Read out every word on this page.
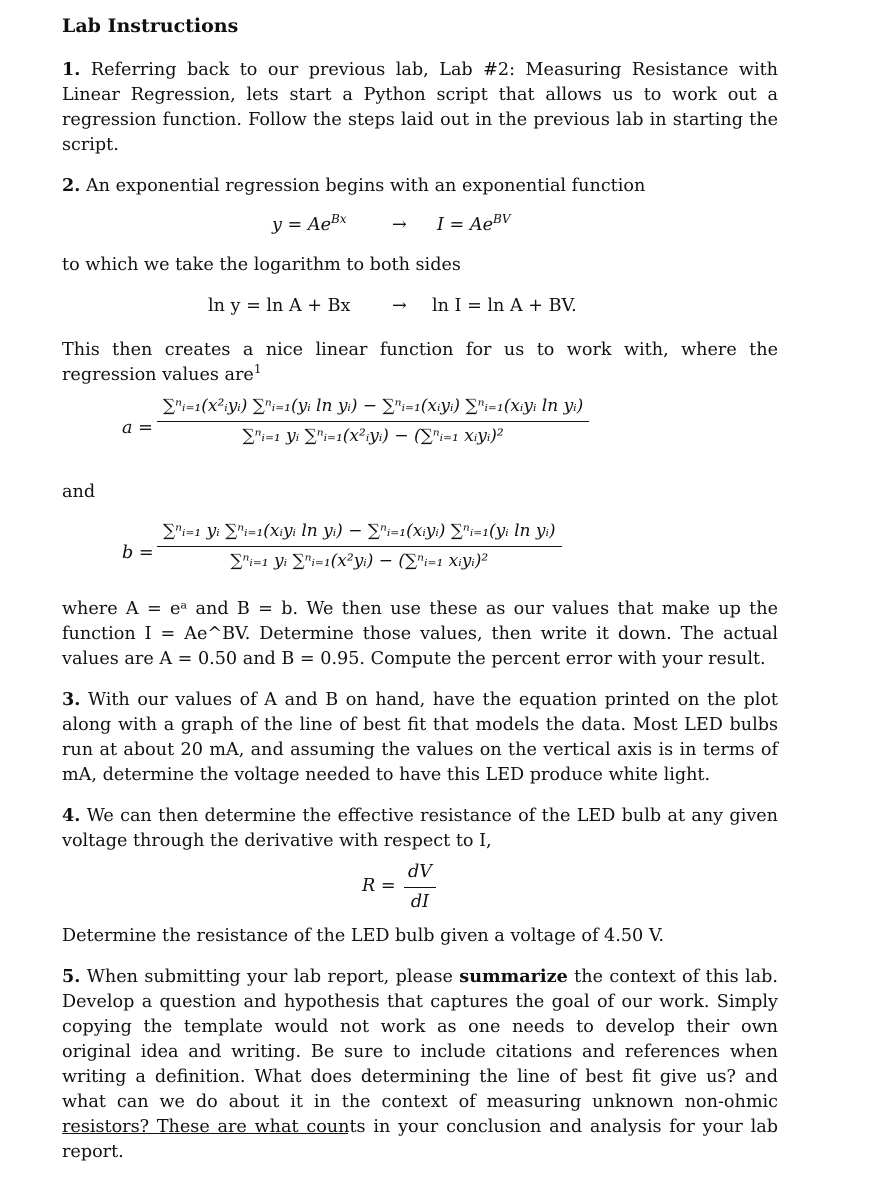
Lab Instructions

1. Referring back to our previous lab, Lab #2: Measuring Resistance with Linear Regression, lets start a Python script that allows us to work out a regression function. Follow the steps laid out in the previous lab in starting the script.

2. An exponential regression begins with an exponential function

$y = Ae^{Bx}$	→ $I = Ae^{BV}$

to which we take the logarithm to both sides

ln y = ln A + Bx → ln I = ln A + BV.

This then creates a nice linear function for us to work with, where the regression values are$^1$

a =
∑ⁿᵢ₌₁(x²ᵢyᵢ) ∑ⁿᵢ₌₁(yᵢ ln yᵢ) − ∑ⁿᵢ₌₁(xᵢyᵢ) ∑ⁿᵢ₌₁(xᵢyᵢ ln yᵢ)
∑ⁿᵢ₌₁ yᵢ ∑ⁿᵢ₌₁(x²ᵢyᵢ) − (∑ⁿᵢ₌₁ xᵢyᵢ)²

and

b =
∑ⁿᵢ₌₁ yᵢ ∑ⁿᵢ₌₁(xᵢyᵢ ln yᵢ) − ∑ⁿᵢ₌₁(xᵢyᵢ) ∑ⁿᵢ₌₁(yᵢ ln yᵢ)
∑ⁿᵢ₌₁ yᵢ ∑ⁿᵢ₌₁(x²yᵢ) − (∑ⁿᵢ₌₁ xᵢyᵢ)²

where A = eᵃ and B = b. We then use these as our values that make up the function I = Ae^BV. Determine those values, then write it down. The actual values are A = 0.50 and B = 0.95. Compute the percent error with your result.

3. With our values of A and B on hand, have the equation printed on the plot along with a graph of the line of best fit that models the data. Most LED bulbs run at about 20 mA, and assuming the values on the vertical axis is in terms of mA, determine the voltage needed to have this LED produce white light.

4. We can then determine the effective resistance of the LED bulb at any given voltage through the derivative with respect to I,

R =
dV
dI

Determine the resistance of the LED bulb given a voltage of 4.50 V.

5. When submitting your lab report, please summarize the context of this lab. Develop a question and hypothesis that captures the goal of our work. Simply copying the template would not work as one needs to develop their own original idea and writing. Be sure to include citations and references when writing a definition. What does determining the line of best fit give us? and what can we do about it in the context of measuring unknown non-ohmic resistors? These are what counts in your conclusion and analysis for your lab report.
